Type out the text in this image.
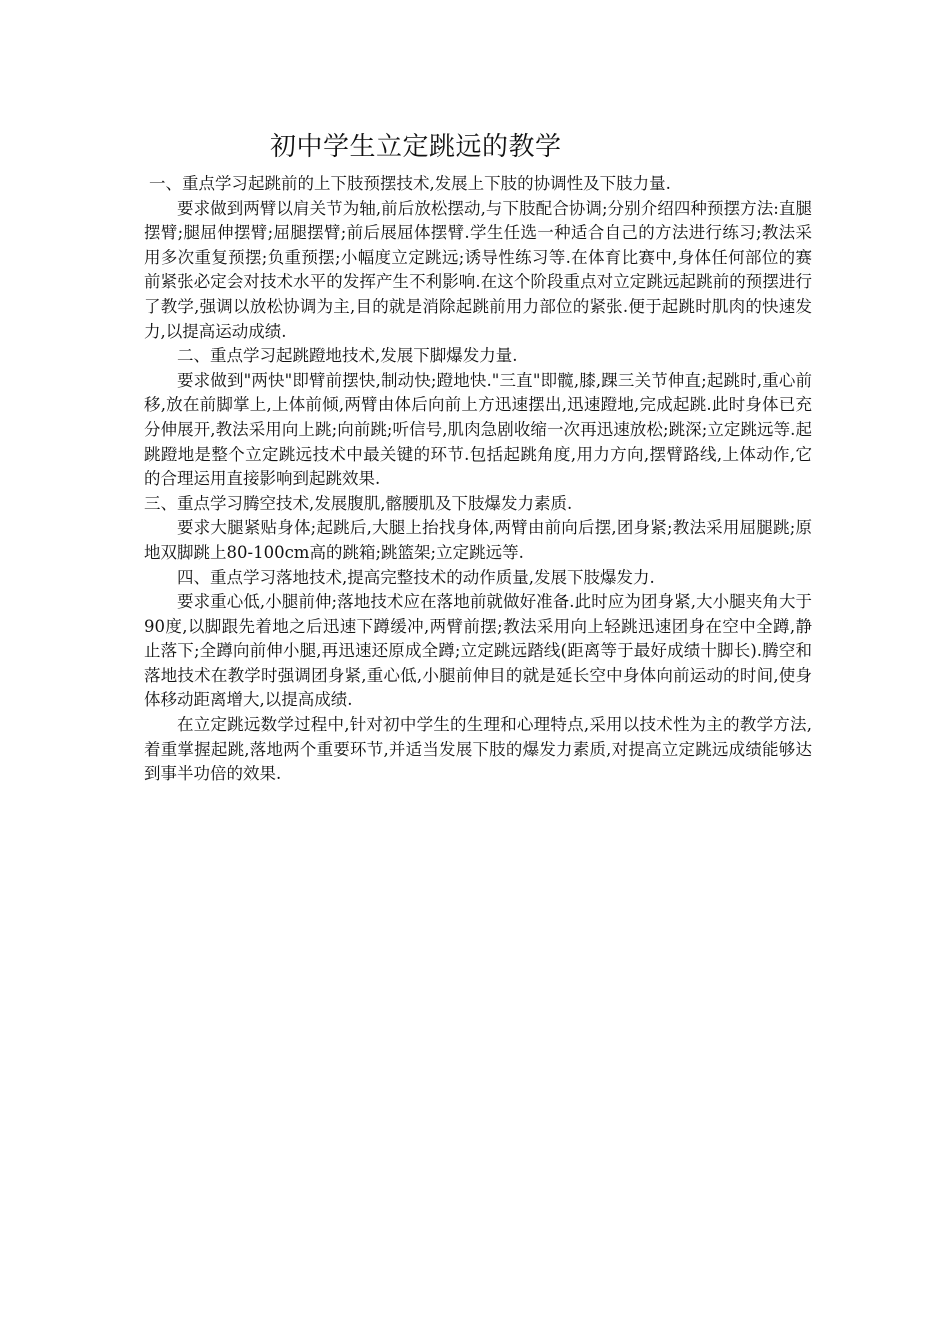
初中学生立定跳远的教学

一、重点学习起跳前的上下肢预摆技术,发展上下肢的协调性及下肢力量.

要求做到两臂以肩关节为轴,前后放松摆动,与下肢配合协调;分别介绍四种预摆方法:直腿摆臂;腿屈伸摆臂;屈腿摆臂;前后展屈体摆臂.学生任选一种适合自己的方法进行练习;教法采用多次重复预摆;负重预摆;小幅度立定跳远;诱导性练习等.在体育比赛中,身体任何部位的赛前紧张必定会对技术水平的发挥产生不利影响.在这个阶段重点对立定跳远起跳前的预摆进行了教学,强调以放松协调为主,目的就是消除起跳前用力部位的紧张.便于起跳时肌肉的快速发力,以提高运动成绩.

二、重点学习起跳蹬地技术,发展下脚爆发力量.

要求做到"两快"即臂前摆快,制动快;蹬地快."三直"即髋,膝,踝三关节伸直;起跳时,重心前移,放在前脚掌上,上体前倾,两臂由体后向前上方迅速摆出,迅速蹬地,完成起跳.此时身体已充分伸展开,教法采用向上跳;向前跳;听信号,肌肉急剧收缩一次再迅速放松;跳深;立定跳远等.起跳蹬地是整个立定跳远技术中最关键的环节.包括起跳角度,用力方向,摆臂路线,上体动作,它的合理运用直接影响到起跳效果.

三、重点学习腾空技术,发展腹肌,髂腰肌及下肢爆发力素质.

要求大腿紧贴身体;起跳后,大腿上抬找身体,两臂由前向后摆,团身紧;教法采用屈腿跳;原地双脚跳上80-100cm高的跳箱;跳篮架;立定跳远等.

四、重点学习落地技术,提高完整技术的动作质量,发展下肢爆发力.

要求重心低,小腿前伸;落地技术应在落地前就做好准备.此时应为团身紧,大小腿夹角大于90度,以脚跟先着地之后迅速下蹲缓冲,两臂前摆;教法采用向上轻跳迅速团身在空中全蹲,静止落下;全蹲向前伸小腿,再迅速还原成全蹲;立定跳远踏线(距离等于最好成绩十脚长).腾空和落地技术在教学时强调团身紧,重心低,小腿前伸目的就是延长空中身体向前运动的时间,使身体移动距离增大,以提高成绩.

在立定跳远数学过程中,针对初中学生的生理和心理特点,采用以技术性为主的教学方法,着重掌握起跳,落地两个重要环节,并适当发展下肢的爆发力素质,对提高立定跳远成绩能够达到事半功倍的效果.
